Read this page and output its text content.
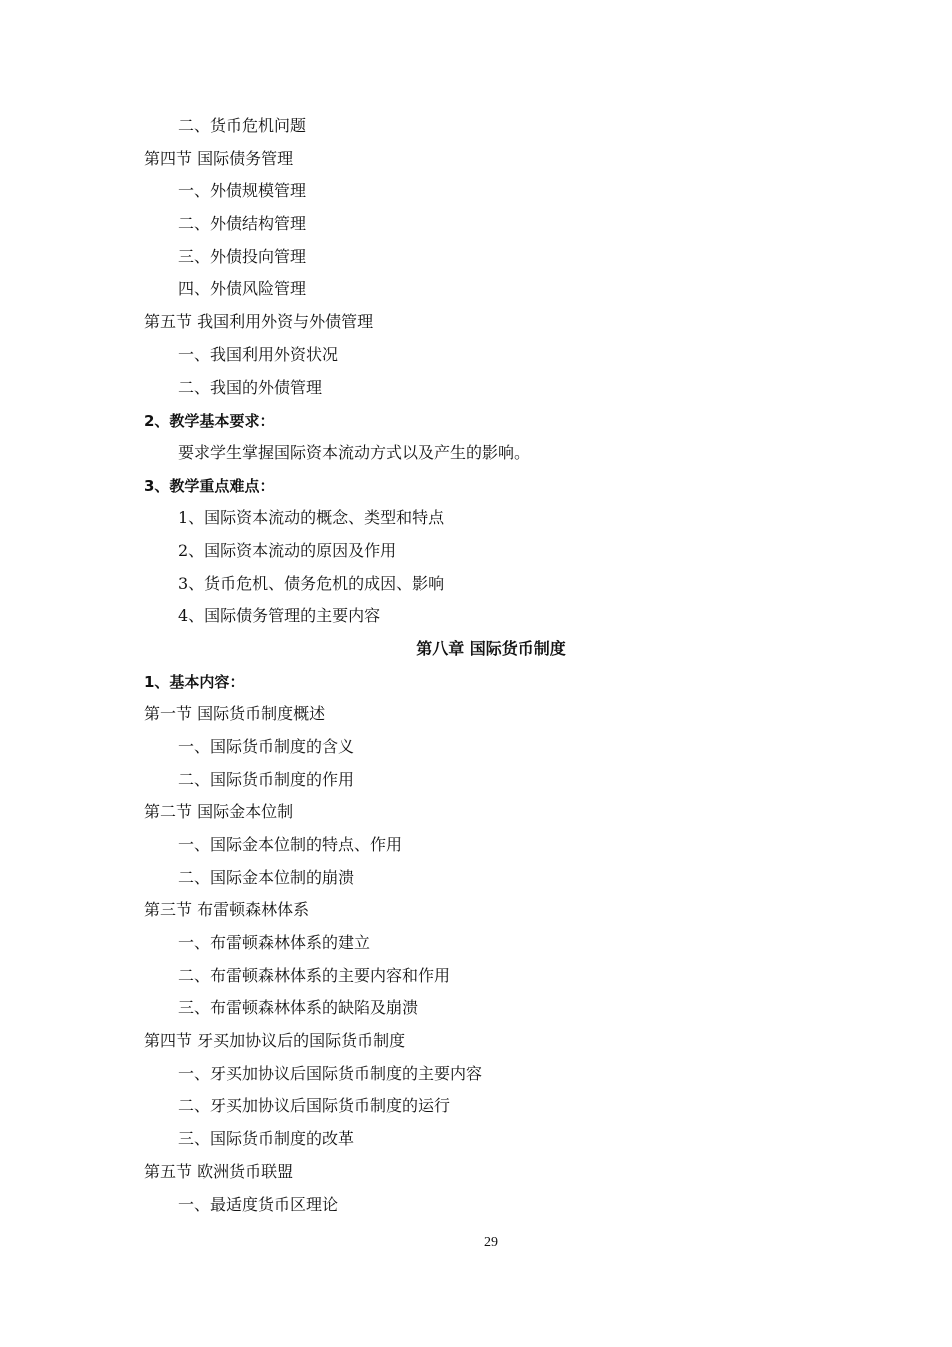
二、货币危机问题
第四节 国际债务管理
一、外债规模管理
二、外债结构管理
三、外债投向管理
四、外债风险管理
第五节 我国利用外资与外债管理
一、我国利用外资状况
二、我国的外债管理
2、教学基本要求：
要求学生掌握国际资本流动方式以及产生的影响。
3、教学重点难点：
1、国际资本流动的概念、类型和特点
2、国际资本流动的原因及作用
3、货币危机、债务危机的成因、影响
4、国际债务管理的主要内容
第八章 国际货币制度
1、基本内容：
第一节 国际货币制度概述
一、国际货币制度的含义
二、国际货币制度的作用
第二节 国际金本位制
一、国际金本位制的特点、作用
二、国际金本位制的崩溃
第三节 布雷顿森林体系
一、布雷顿森林体系的建立
二、布雷顿森林体系的主要内容和作用
三、布雷顿森林体系的缺陷及崩溃
第四节 牙买加协议后的国际货币制度
一、牙买加协议后国际货币制度的主要内容
二、牙买加协议后国际货币制度的运行
三、国际货币制度的改革
第五节 欧洲货币联盟
一、最适度货币区理论
29
